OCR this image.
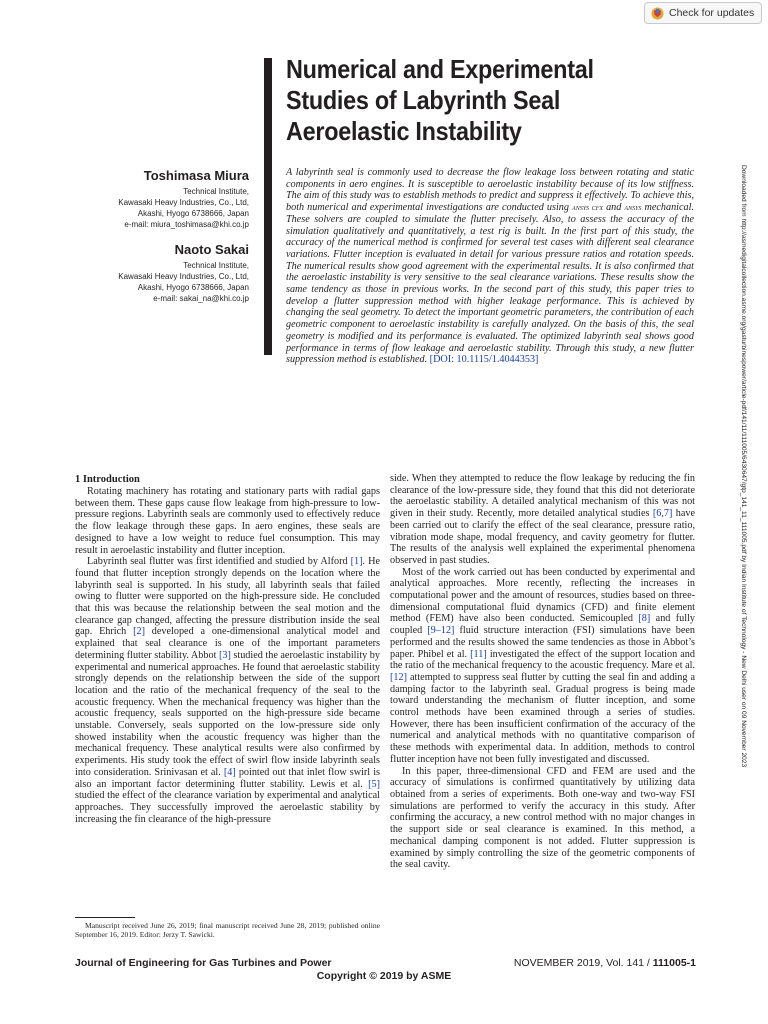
Check for updates
Numerical and Experimental Studies of Labyrinth Seal Aeroelastic Instability

Toshimasa Miura

Technical Institute,

Kawasaki Heavy Industries, Co., Ltd,

Akashi, Hyogo 6738666, Japan

e-mail: miura_toshimasa@khi.co.jp

Naoto Sakai

Technical Institute,

Kawasaki Heavy Industries, Co., Ltd,

Akashi, Hyogo 6738666, Japan

e-mail: sakai_na@khi.co.jp

A labyrinth seal is commonly used to decrease the flow leakage loss between rotating and static components in aero engines. It is susceptible to aeroelastic instability because of its low stiffness. The aim of this study was to establish methods to predict and suppress it effectively. To achieve this, both numerical and experimental investigations are conducted using ansys cfx and ansys mechanical. These solvers are coupled to simulate the flutter precisely. Also, to assess the accuracy of the simulation qualitatively and quantitatively, a test rig is built. In the first part of this study, the accuracy of the numerical method is confirmed for several test cases with different seal clearance variations. Flutter inception is evaluated in detail for various pressure ratios and rotation speeds. The numerical results show good agreement with the experimental results. It is also confirmed that the aeroelastic instability is very sensitive to the seal clearance variations. These results show the same tendency as those in previous works. In the second part of this study, this paper tries to develop a flutter suppression method with higher leakage performance. This is achieved by changing the seal geometry. To detect the important geometric parameters, the contribution of each geometric component to aeroelastic instability is carefully analyzed. On the basis of this, the seal geometry is modified and its performance is evaluated. The optimized labyrinth seal shows good performance in terms of flow leakage and aeroelastic stability. Through this study, a new flutter suppression method is established. [DOI: 10.1115/1.4044353]	Downloaded from http://asmedigitalcollection.asme.org/gasturbinespower/article-pdf/141/11/111005/6430647/gtp_141_11_111005.pdf by Indian Institute of Technology - New Delhi user on 09 November 2023

1 Introduction

Rotating machinery has rotating and stationary parts with radial gaps between them. These gaps cause flow leakage from high-pressure to low-pressure regions. Labyrinth seals are commonly used to effectively reduce the flow leakage through these gaps. In aero engines, these seals are designed to have a low weight to reduce fuel consumption. This may result in aeroelastic instability and flutter inception.

Labyrinth seal flutter was first identified and studied by Alford [1]. He found that flutter inception strongly depends on the location where the labyrinth seal is supported. In his study, all labyrinth seals that failed owing to flutter were supported on the high-pressure side. He concluded that this was because the relationship between the seal motion and the clearance gap changed, affecting the pressure distribution inside the seal gap. Ehrich [2] developed a one-dimensional analytical model and explained that seal clearance is one of the important parameters determining flutter stability. Abbot [3] studied the aeroelastic instability by experimental and numerical approaches. He found that aeroelastic stability strongly depends on the relationship between the side of the support location and the ratio of the mechanical frequency of the seal to the acoustic frequency. When the mechanical frequency was higher than the acoustic frequency, seals supported on the high-pressure side became unstable. Conversely, seals supported on the low-pressure side only showed instability when the acoustic frequency was higher than the mechanical frequency. These analytical results were also confirmed by experiments. His study took the effect of swirl flow inside labyrinth seals into consideration. Srinivasan et al. [4] pointed out that inlet flow swirl is also an important factor determining flutter stability. Lewis et al. [5] studied the effect of the clearance variation by experimental and analytical approaches. They successfully improved the aeroelastic stability by increasing the fin clearance of the high-pressure

side. When they attempted to reduce the flow leakage by reducing the fin clearance of the low-pressure side, they found that this did not deteriorate the aeroelastic stability. A detailed analytical mechanism of this was not given in their study. Recently, more detailed analytical studies [6,7] have been carried out to clarify the effect of the seal clearance, pressure ratio, vibration mode shape, modal frequency, and cavity geometry for flutter. The results of the analysis well explained the experimental phenomena observed in past studies.

Most of the work carried out has been conducted by experimental and analytical approaches. More recently, reflecting the increases in computational power and the amount of resources, studies based on three-dimensional computational fluid dynamics (CFD) and finite element method (FEM) have also been conducted. Semicoupled [8] and fully coupled [9–12] fluid structure interaction (FSI) simulations have been performed and the results showed the same tendencies as those in Abbot’s paper. Phibel et al. [11] investigated the effect of the support location and the ratio of the mechanical frequency to the acoustic frequency. Mare et al. [12] attempted to suppress seal flutter by cutting the seal fin and adding a damping factor to the labyrinth seal. Gradual progress is being made toward understanding the mechanism of flutter inception, and some control methods have been examined through a series of studies. However, there has been insufficient confirmation of the accuracy of the numerical and analytical methods with no quantitative comparison of these methods with experimental data. In addition, methods to control flutter inception have not been fully investigated and discussed.

In this paper, three-dimensional CFD and FEM are used and the accuracy of simulations is confirmed quantitatively by utilizing data obtained from a series of experiments. Both one-way and two-way FSI simulations are performed to verify the accuracy in this study. After confirming the accuracy, a new control method with no major changes in the support side or seal clearance is examined. In this method, a mechanical damping component is not added. Flutter suppression is examined by simply controlling the size of the geometric components of the seal cavity.

Manuscript received June 26, 2019; final manuscript received June 28, 2019; published online September 16, 2019. Editor: Jerzy T. Sawicki.

Journal of Engineering for Gas Turbines and Power	NOVEMBER 2019, Vol. 141 / 111005-1
Copyright © 2019 by ASME
